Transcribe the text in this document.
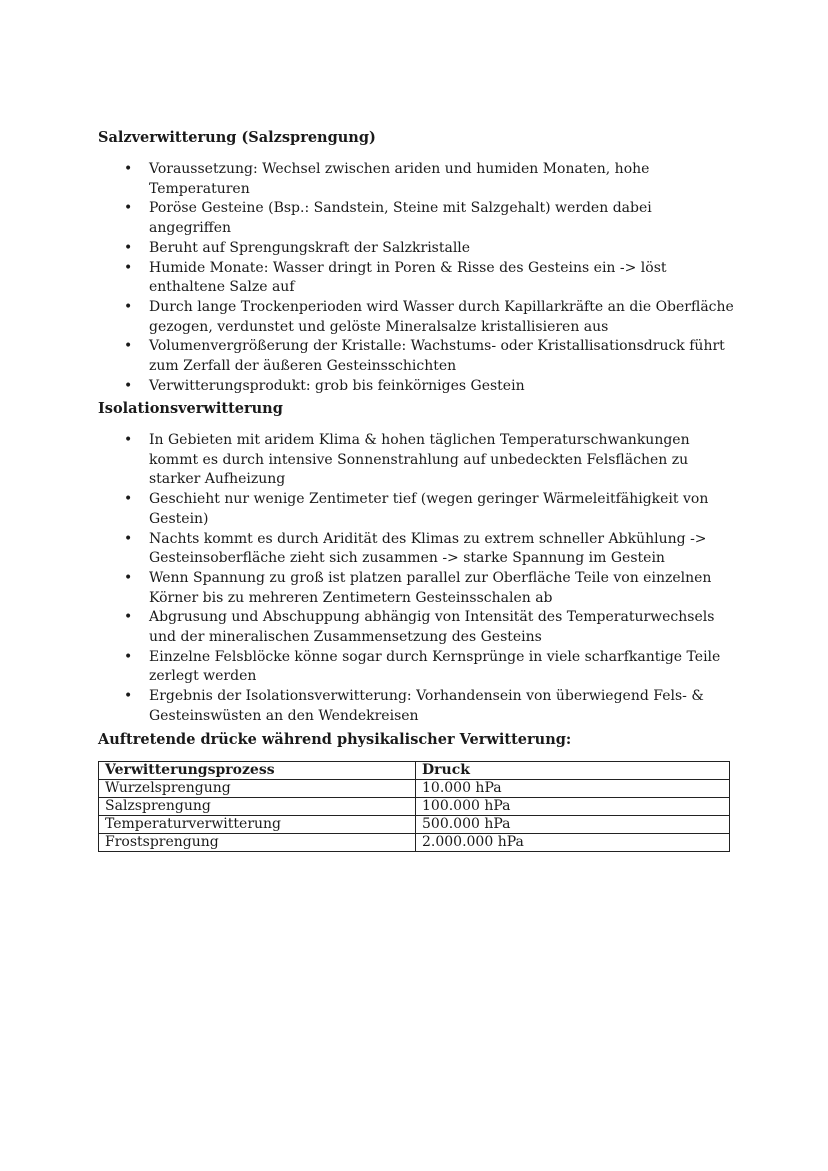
Salzverwitterung (Salzsprengung)

• Voraussetzung: Wechsel zwischen ariden und humiden Monaten, hohe Temperaturen
• Poröse Gesteine (Bsp.: Sandstein, Steine mit Salzgehalt) werden dabei angegriffen
• Beruht auf Sprengungskraft der Salzkristalle
• Humide Monate: Wasser dringt in Poren & Risse des Gesteins ein -> löst enthaltene Salze auf
• Durch lange Trockenperioden wird Wasser durch Kapillarkräfte an die Oberfläche gezogen, verdunstet und gelöste Mineralsalze kristallisieren aus
• Volumenvergrößerung der Kristalle: Wachstums- oder Kristallisationsdruck führt zum Zerfall der äußeren Gesteinsschichten
• Verwitterungsprodukt: grob bis feinkörniges Gestein

Isolationsverwitterung

• In Gebieten mit aridem Klima & hohen täglichen Temperaturschwankungen kommt es durch intensive Sonnenstrahlung auf unbedeckten Felsflächen zu starker Aufheizung
• Geschieht nur wenige Zentimeter tief (wegen geringer Wärmeleitfähigkeit von Gestein)
• Nachts kommt es durch Aridität des Klimas zu extrem schneller Abkühlung -> Gesteinsoberfläche zieht sich zusammen -> starke Spannung im Gestein
• Wenn Spannung zu groß ist platzen parallel zur Oberfläche Teile von einzelnen Körner bis zu mehreren Zentimetern Gesteinsschalen ab
• Abgrusung und Abschuppung abhängig von Intensität des Temperaturwechsels und der mineralischen Zusammensetzung des Gesteins
• Einzelne Felsblöcke könne sogar durch Kernsprünge in viele scharfkantige Teile zerlegt werden
• Ergebnis der Isolationsverwitterung: Vorhandensein von überwiegend Fels- & Gesteinswüsten an den Wendekreisen

Auftretende drücke während physikalischer Verwitterung:

Verwitterungsprozess	Druck
Wurzelsprengung	10.000 hPa
Salzsprengung	100.000 hPa
Temperaturverwitterung	500.000 hPa
Frostsprengung	2.000.000 hPa
